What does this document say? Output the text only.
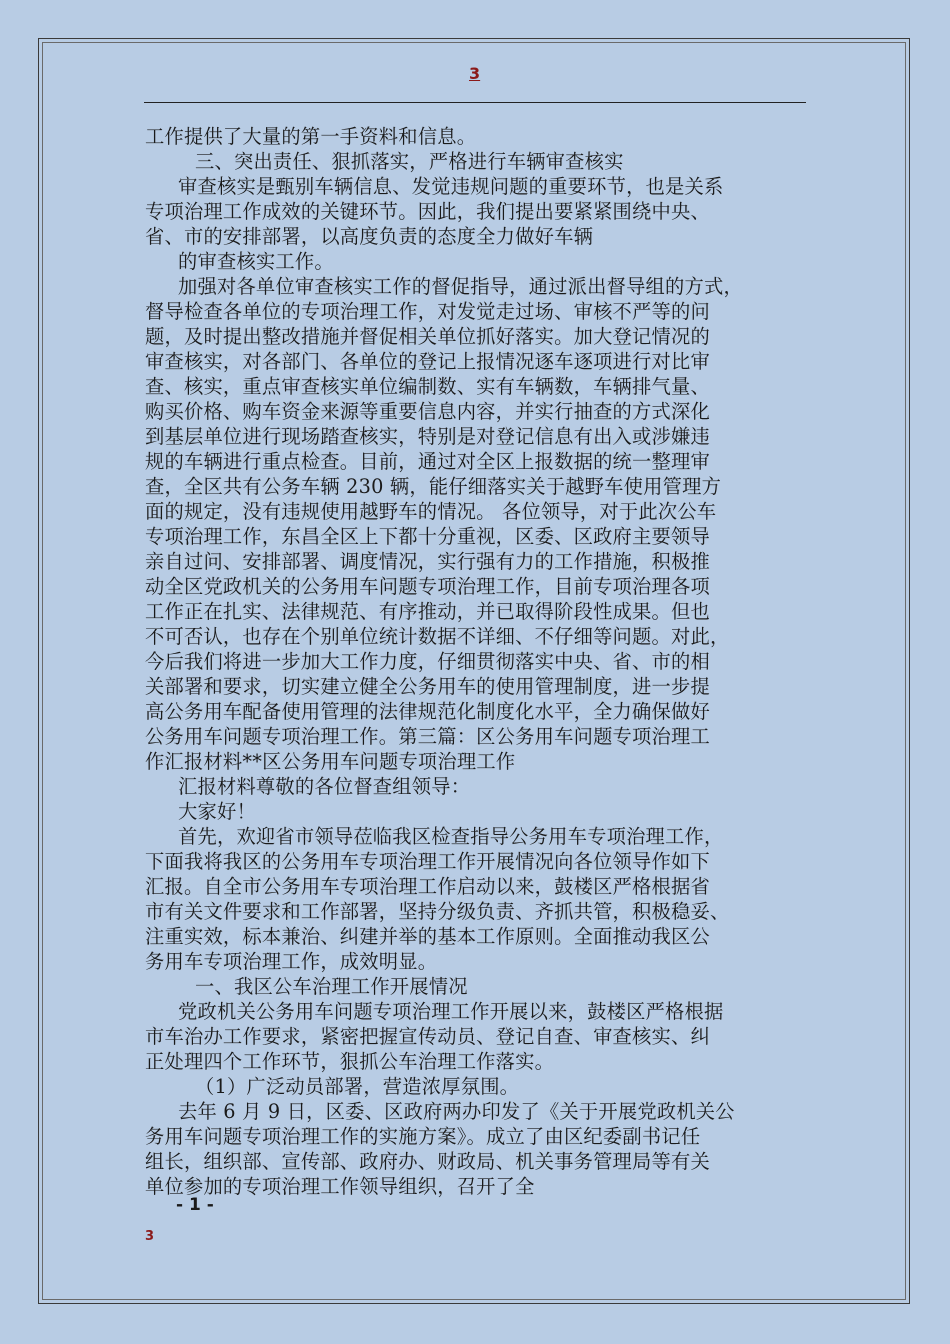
3

工作提供了大量的第一手资料和信息。

三、突出责任、狠抓落实，严格进行车辆审查核实

审查核实是甄别车辆信息、发觉违规问题的重要环节，也是关系

专项治理工作成效的关键环节。因此，我们提出要紧紧围绕中央、

省、市的安排部署，以高度负责的态度全力做好车辆

的审查核实工作。

加强对各单位审查核实工作的督促指导，通过派出督导组的方式，

督导检查各单位的专项治理工作，对发觉走过场、审核不严等的问

题，及时提出整改措施并督促相关单位抓好落实。加大登记情况的

审查核实，对各部门、各单位的登记上报情况逐车逐项进行对比审

查、核实，重点审查核实单位编制数、实有车辆数，车辆排气量、

购买价格、购车资金来源等重要信息内容，并实行抽查的方式深化

到基层单位进行现场踏查核实，特别是对登记信息有出入或涉嫌违

规的车辆进行重点检查。目前，通过对全区上报数据的统一整理审

查，全区共有公务车辆 230 辆，能仔细落实关于越野车使用管理方

面的规定，没有违规使用越野车的情况。 各位领导，对于此次公车

专项治理工作，东昌全区上下都十分重视，区委、区政府主要领导

亲自过问、安排部署、调度情况，实行强有力的工作措施，积极推

动全区党政机关的公务用车问题专项治理工作，目前专项治理各项

工作正在扎实、法律规范、有序推动，并已取得阶段性成果。但也

不可否认，也存在个别单位统计数据不详细、不仔细等问题。对此，

今后我们将进一步加大工作力度，仔细贯彻落实中央、省、市的相

关部署和要求，切实建立健全公务用车的使用管理制度，进一步提

高公务用车配备使用管理的法律规范化制度化水平，全力确保做好

公务用车问题专项治理工作。第三篇：区公务用车问题专项治理工

作汇报材料**区公务用车问题专项治理工作

汇报材料尊敬的各位督查组领导：

大家好！

首先，欢迎省市领导莅临我区检查指导公务用车专项治理工作，

下面我将我区的公务用车专项治理工作开展情况向各位领导作如下

汇报。自全市公务用车专项治理工作启动以来，鼓楼区严格根据省

市有关文件要求和工作部署，坚持分级负责、齐抓共管，积极稳妥、

注重实效，标本兼治、纠建并举的基本工作原则。全面推动我区公

务用车专项治理工作，成效明显。

一、我区公车治理工作开展情况

党政机关公务用车问题专项治理工作开展以来，鼓楼区严格根据

市车治办工作要求，紧密把握宣传动员、登记自查、审查核实、纠

正处理四个工作环节，狠抓公车治理工作落实。

（1）广泛动员部署，营造浓厚氛围。

去年 6 月 9 日，区委、区政府两办印发了《关于开展党政机关公

务用车问题专项治理工作的实施方案》。成立了由区纪委副书记任

组长，组织部、宣传部、政府办、财政局、机关事务管理局等有关

单位参加的专项治理工作领导组织，召开了全

- 1 -
3
